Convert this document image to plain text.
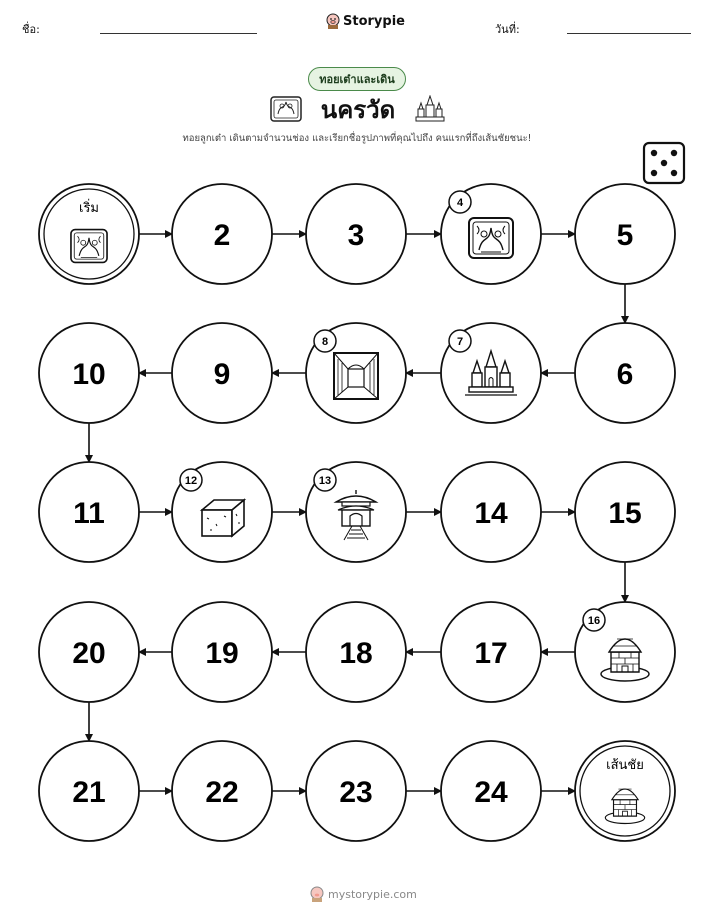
ชื่อ:	วันที่:
Storypie
ทอยเต๋าและเดิน
นครวัด
ทอยลูกเต๋า เดินตามจำนวนช่อง และเรียกชื่อรูปภาพที่คุณไปถึง คนแรกที่ถึงเส้นชัยชนะ!
เริ่ม
2	3
4
5
6
7
8
9
10
11
12	13
14	15
16
17
18
19
20
21	22	23	24
เส้นชัย
mystorypie.com
